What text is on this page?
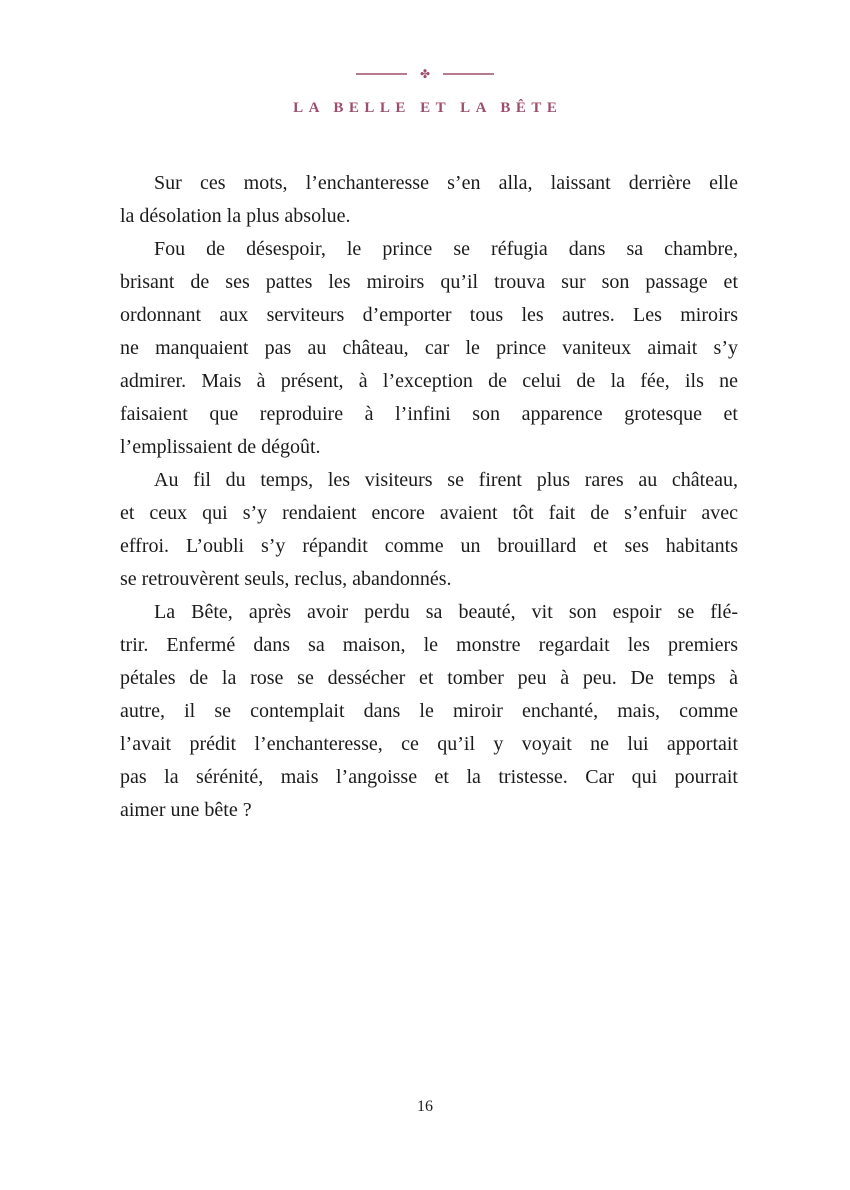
✤
LA BELLE ET LA BÊTE

Sur ces mots, l’enchanteresse s’en alla, laissant derrière elle
la désolation la plus absolue.

Fou de désespoir, le prince se réfugia dans sa chambre,
brisant de ses pattes les miroirs qu’il trouva sur son passage et
ordonnant aux serviteurs d’emporter tous les autres. Les miroirs
ne manquaient pas au château, car le prince vaniteux aimait s’y
admirer. Mais à présent, à l’exception de celui de la fée, ils ne
faisaient que reproduire à l’infini son apparence grotesque et
l’emplissaient de dégoût.

Au fil du temps, les visiteurs se firent plus rares au château,
et ceux qui s’y rendaient encore avaient tôt fait de s’enfuir avec
effroi. L’oubli s’y répandit comme un brouillard et ses habitants
se retrouvèrent seuls, reclus, abandonnés.

La Bête, après avoir perdu sa beauté, vit son espoir se flé-
trir. Enfermé dans sa maison, le monstre regardait les premiers
pétales de la rose se dessécher et tomber peu à peu. De temps à
autre, il se contemplait dans le miroir enchanté, mais, comme
l’avait prédit l’enchanteresse, ce qu’il y voyait ne lui apportait
pas la sérénité, mais l’angoisse et la tristesse. Car qui pourrait
aimer une bête ?

16
